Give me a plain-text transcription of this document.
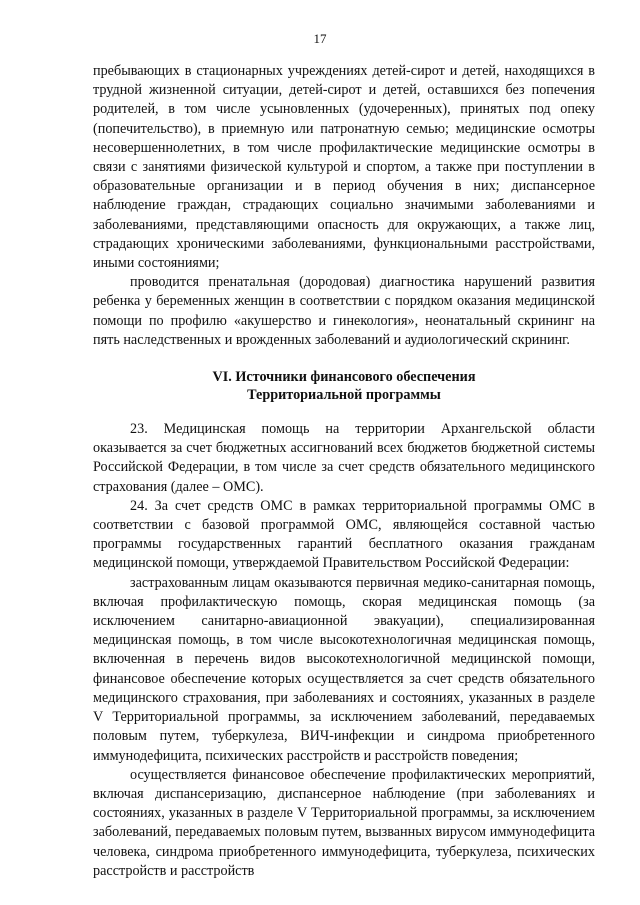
17

пребывающих в стационарных учреждениях детей-сирот и детей, находящихся в трудной жизненной ситуации, детей-сирот и детей, оставшихся без попечения родителей, в том числе усыновленных (удочеренных), принятых под опеку (попечительство), в приемную или патронатную семью; медицинские осмотры несовершеннолетних, в том числе профилактические медицинские осмотры в связи с занятиями физической культурой и спортом, а также при поступлении в образовательные организации и в период обучения в них; диспансерное наблюдение граждан, страдающих социально значимыми заболеваниями и заболеваниями, представляющими опасность для окружающих, а также лиц, страдающих хроническими заболеваниями, функциональными расстройствами, иными состояниями;

проводится пренатальная (дородовая) диагностика нарушений развития ребенка у беременных женщин в соответствии с порядком оказания медицинской помощи по профилю «акушерство и гинекология», неонатальный скрининг на пять наследственных и врожденных заболеваний и аудиологический скрининг.

VI. Источники финансового обеспечения
Территориальной программы

23. Медицинская помощь на территории Архангельской области оказывается за счет бюджетных ассигнований всех бюджетов бюджетной системы Российской Федерации, в том числе за счет средств обязательного медицинского страхования (далее – ОМС).

24. За счет средств ОМС в рамках территориальной программы ОМС в соответствии с базовой программой ОМС, являющейся составной частью программы государственных гарантий бесплатного оказания гражданам медицинской помощи, утверждаемой Правительством Российской Федерации:

застрахованным лицам оказываются первичная медико-санитарная помощь, включая профилактическую помощь, скорая медицинская помощь (за исключением санитарно-авиационной эвакуации), специализированная медицинская помощь, в том числе высокотехнологичная медицинская помощь, включенная в перечень видов высокотехнологичной медицинской помощи, финансовое обеспечение которых осуществляется за счет средств обязательного медицинского страхования, при заболеваниях и состояниях, указанных в разделе V Территориальной программы, за исключением заболеваний, передаваемых половым путем, туберкулеза, ВИЧ-инфекции и синдрома приобретенного иммунодефицита, психических расстройств и расстройств поведения;

осуществляется финансовое обеспечение профилактических мероприятий, включая диспансеризацию, диспансерное наблюдение (при заболеваниях и состояниях, указанных в разделе V Территориальной программы, за исключением заболеваний, передаваемых половым путем, вызванных вирусом иммунодефицита человека, синдрома приобретенного иммунодефицита, туберкулеза, психических расстройств и расстройств
